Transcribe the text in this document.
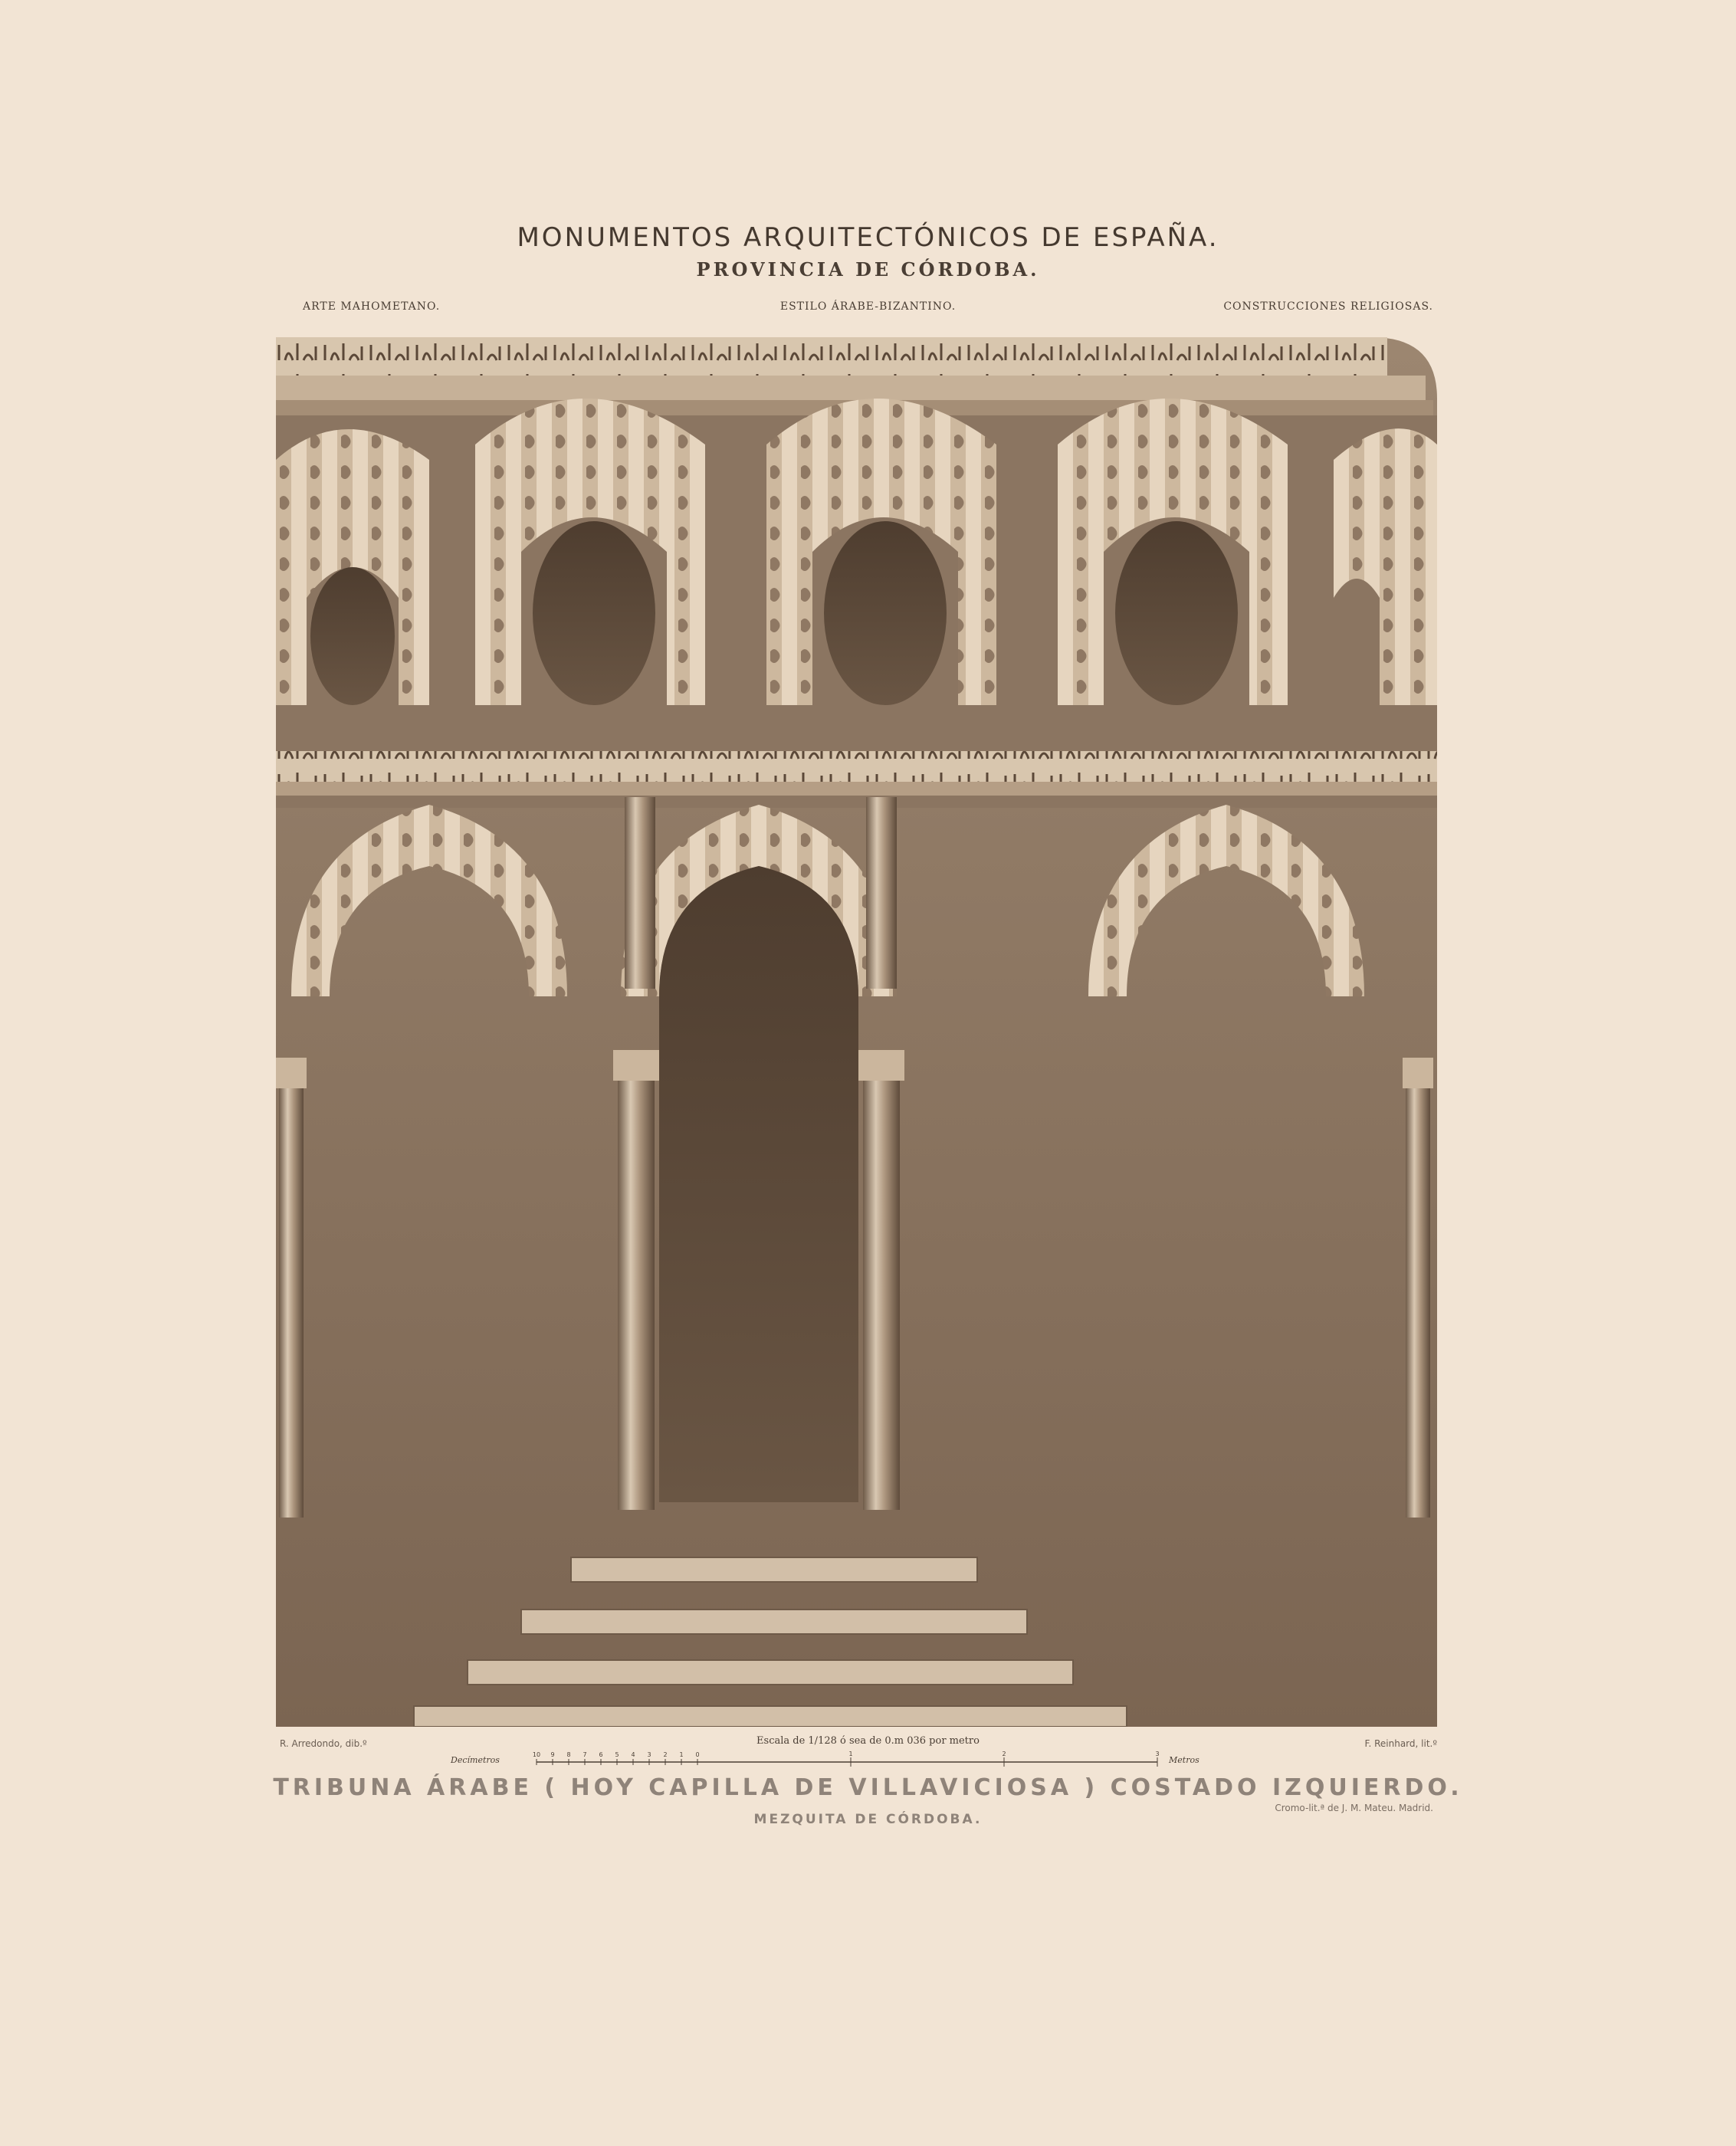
MONUMENTOS ARQUITECTÓNICOS DE ESPAÑA.
PROVINCIA DE CÓRDOBA.
ARTE MAHOMETANO.	ESTILO ÁRABE-BIZANTINO.	CONSTRUCCIONES RELIGIOSAS.
R. Arredondo, dib.º	F. Reinhard, lit.º
Escala de 1/128 ó sea de 0.m 036 por metro
Decímetros	Metros
10 9 8 7 6 5 4 3 2 1 0	1	2	3
TRIBUNA ÁRABE ( HOY CAPILLA DE VILLAVICIOSA ) COSTADO IZQUIERDO.
MEZQUITA DE CÓRDOBA.
Cromo-lit.ª de J. M. Mateu. Madrid.
